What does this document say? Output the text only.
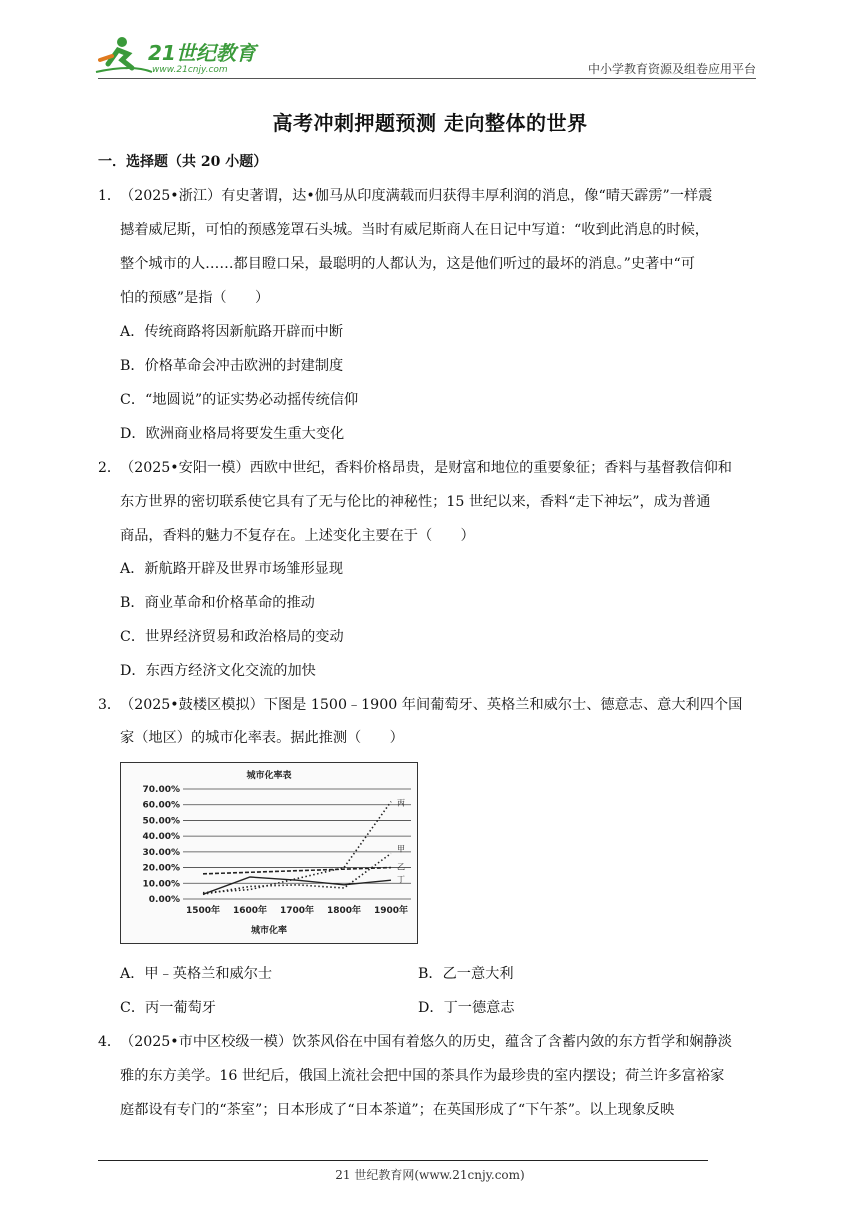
21世纪教育
www.21cnjy.com	中小学教育资源及组卷应用平台
高考冲刺押题预测 走向整体的世界
一．选择题（共 20 小题）
1． （2025•浙江）有史著谓，达•伽马从印度满载而归获得丰厚利润的消息，像“晴天霹雳”一样震
撼着威尼斯，可怕的预感笼罩石头城。当时有威尼斯商人在日记中写道：“收到此消息的时候，
整个城市的人……都目瞪口呆，最聪明的人都认为，这是他们听过的最坏的消息。”史著中“可
怕的预感”是指（　　）
A．传统商路将因新航路开辟而中断
B．价格革命会冲击欧洲的封建制度
C．“地圆说”的证实势必动摇传统信仰
D．欧洲商业格局将要发生重大变化
2． （2025•安阳一模）西欧中世纪，香料价格昂贵，是财富和地位的重要象征；香料与基督教信仰和
东方世界的密切联系使它具有了无与伦比的神秘性；15 世纪以来，香料“走下神坛”，成为普通
商品，香料的魅力不复存在。上述变化主要在于（　　）
A．新航路开辟及世界市场雏形显现
B．商业革命和价格革命的推动
C．世界经济贸易和政治格局的变动
D．东西方经济文化交流的加快
3． （2025•鼓楼区模拟）下图是 1500﹣1900 年间葡萄牙、英格兰和威尔士、德意志、意大利四个国
家（地区）的城市化率表。据此推测（　　）
城市化率表
0.00%
10.00%
20.00%
30.00%
40.00%
50.00%
60.00%
70.00%
1500年 1600年 1700年 1800年 1900年
城市化率
甲
乙
丙
丁
A．甲﹣英格兰和威尔士	B．乙一意大利
C．丙一葡萄牙	D．丁一德意志
4． （2025•市中区校级一模）饮茶风俗在中国有着悠久的历史，蕴含了含蓄内敛的东方哲学和娴静淡
雅的东方美学。16 世纪后，俄国上流社会把中国的茶具作为最珍贵的室内摆设；荷兰许多富裕家
庭都设有专门的“茶室”；日本形成了“日本茶道”；在英国形成了“下午茶”。以上现象反映
21 世纪教育网(www.21cnjy.com)
